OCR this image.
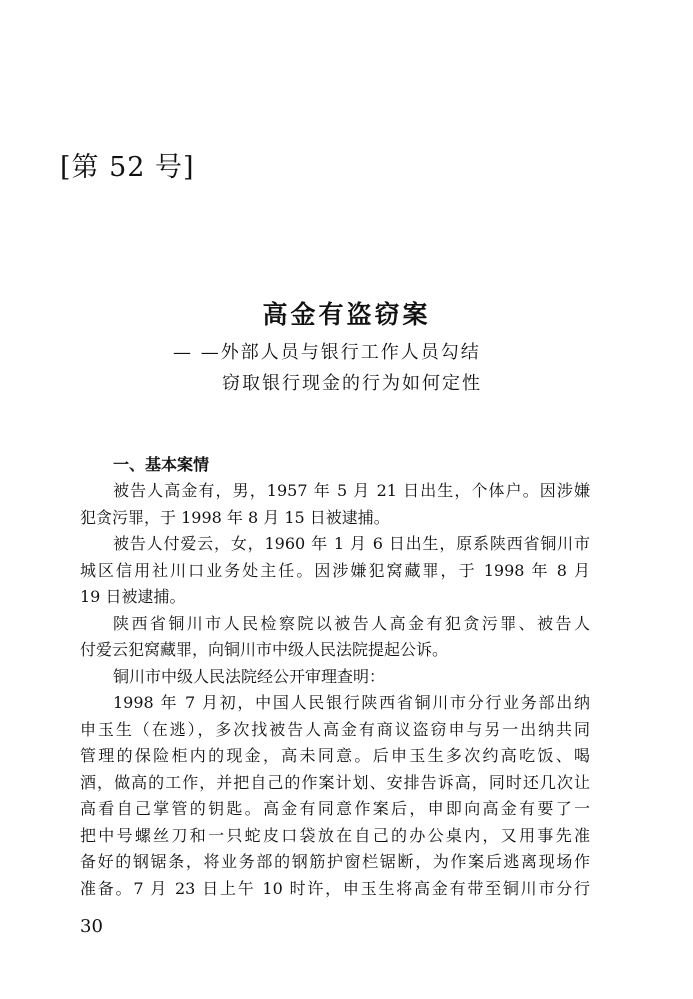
[第 52 号]
高金有盗窃案
— —外部人员与银行工作人员勾结
窃取银行现金的行为如何定性
一、基本案情
被告人高金有，男，1957 年 5 月 21 日出生，个体户。因涉嫌
犯贪污罪，于 1998 年 8 月 15 日被逮捕。
被告人付爱云，女，1960 年 1 月 6 日出生，原系陕西省铜川市
城区信用社川口业务处主任。因涉嫌犯窝藏罪，于 1998 年 8 月
19 日被逮捕。
陕西省铜川市人民检察院以被告人高金有犯贪污罪、被告人
付爱云犯窝藏罪，向铜川市中级人民法院提起公诉。
铜川市中级人民法院经公开审理查明：
1998 年 7 月初，中国人民银行陕西省铜川市分行业务部出纳
申玉生（在逃），多次找被告人高金有商议盗窃申与另一出纳共同
管理的保险柜内的现金，高未同意。后申玉生多次约高吃饭、喝
酒，做高的工作，并把自己的作案计划、安排告诉高，同时还几次让
高看自己掌管的钥匙。高金有同意作案后，申即向高金有要了一
把中号螺丝刀和一只蛇皮口袋放在自己的办公桌内，又用事先准
备好的钢锯条，将业务部的钢筋护窗栏锯断，为作案后逃离现场作
准备。7 月 23 日上午 10 时许，申玉生将高金有带至铜川市分行
30
